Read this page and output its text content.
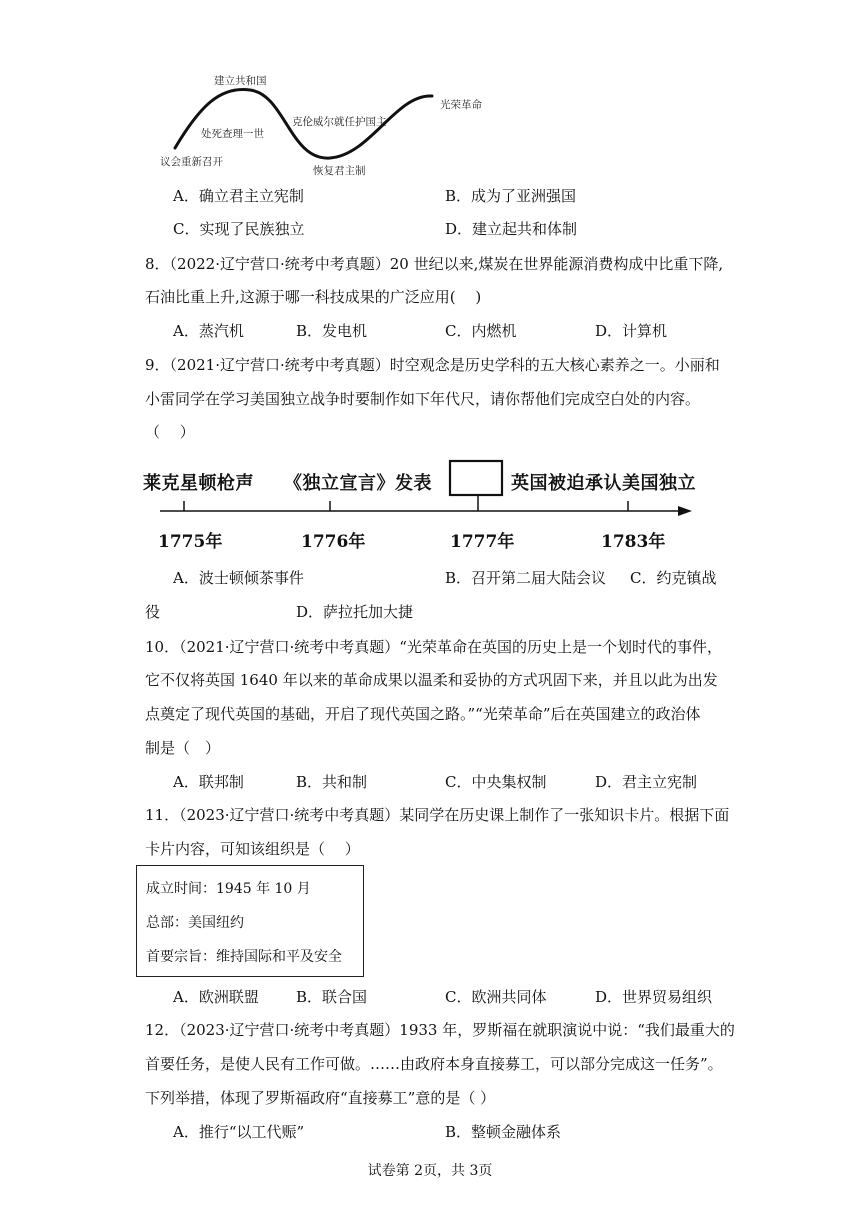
建立共和国
处死查理一世
议会重新召开
克伦威尔就任护国主
恢复君主制
光荣革命
A．确立君主立宪制	B．成为了亚洲强国
C．实现了民族独立	D．建立起共和体制
8．（2022·辽宁营口·统考中考真题）20 世纪以来,煤炭在世界能源消费构成中比重下降,
石油比重上升,这源于哪一科技成果的广泛应用(　 )
A．蒸汽机	B．发电机	C．内燃机	D．计算机
9．（2021·辽宁营口·统考中考真题）时空观念是历史学科的五大核心素养之一。小丽和
小雷同学在学习美国独立战争时要制作如下年代尺，请你帮他们完成空白处的内容。
（　 ）
莱克星顿枪声 《独立宣言》发表	英国被迫承认美国独立
1775年	1776年	1777年	1783年
A．波士顿倾茶事件	B．召开第二届大陆会议 C．约克镇战
役	D．萨拉托加大捷
10．（2021·辽宁营口·统考中考真题）“光荣革命在英国的历史上是一个划时代的事件，
它不仅将英国 1640 年以来的革命成果以温柔和妥协的方式巩固下来，并且以此为出发
点奠定了现代英国的基础，开启了现代英国之路。”“光荣革命”后在英国建立的政治体
制是（　）
A．联邦制	B．共和制	C．中央集权制	D．君主立宪制
11．（2023·辽宁营口·统考中考真题）某同学在历史课上制作了一张知识卡片。根据下面
卡片内容，可知该组织是（　 ）
成立时间：1945 年 10 月
总部：美国纽约
首要宗旨：维持国际和平及安全
A．欧洲联盟 B．联合国	C．欧洲共同体	D．世界贸易组织
12．（2023·辽宁营口·统考中考真题）1933 年，罗斯福在就职演说中说：“我们最重大的
首要任务，是使人民有工作可做。……由政府本身直接募工，可以部分完成这一任务”。
下列举措，体现了罗斯福政府“直接募工”意的是（ ）
A．推行“以工代赈”	B．整顿金融体系
试卷第 2页，共 3页
